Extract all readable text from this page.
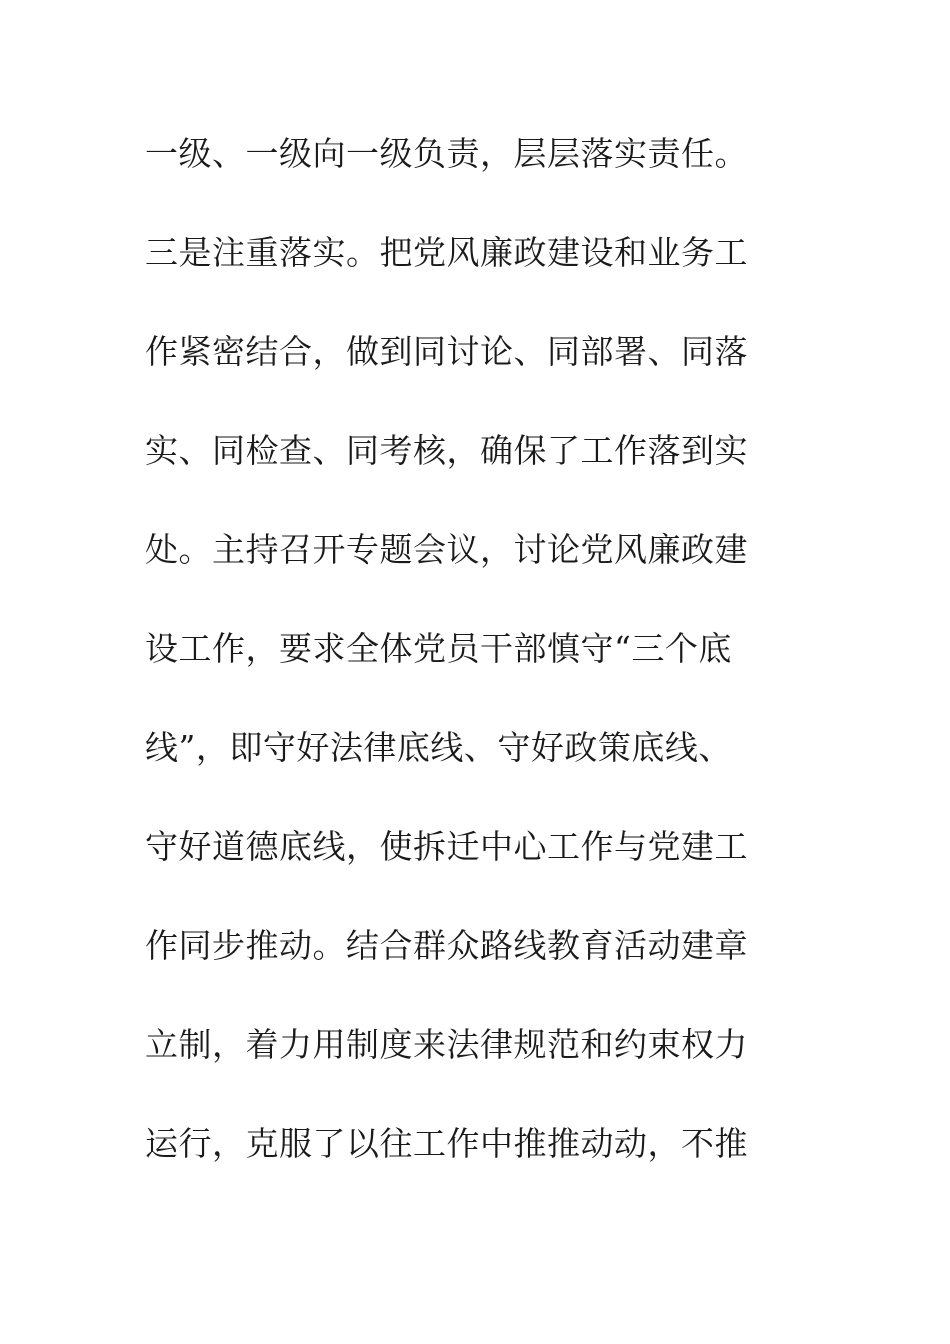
一级、一级向一级负责，层层落实责任。
三是注重落实。把党风廉政建设和业务工
作紧密结合，做到同讨论、同部署、同落
实、同检查、同考核，确保了工作落到实
处。主持召开专题会议，讨论党风廉政建
设工作，要求全体党员干部慎守“三个底
线”，即守好法律底线、守好政策底线、
守好道德底线，使拆迁中心工作与党建工
作同步推动。结合群众路线教育活动建章
立制，着力用制度来法律规范和约束权力
运行，克服了以往工作中推推动动，不推
